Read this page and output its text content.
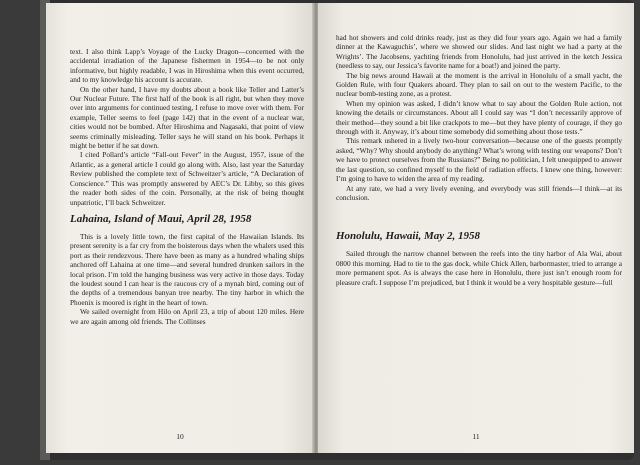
text. I also think Lapp’s Voyage of the Lucky Dragon—concerned with the accidental irradiation of the Japanese fishermen in 1954—to be not only informative, but highly readable, I was in Hiroshima when this event occurred, and to my knowledge his account is accurate.

On the other hand, I have my doubts about a book like Teller and Latter’s Our Nuclear Future. The first half of the book is all right, but when they move over into arguments for continued testing, I refuse to move over with them. For example, Teller seems to feel (page 142) that in the event of a nuclear war, cities would not be bombed. After Hiroshima and Nagasaki, that point of view seems criminally misleading. Teller says he will stand on his book. Perhaps it might be better if he sat down.

I cited Pollard’s article “Fall-out Fever” in the August, 1957, issue of the Atlantic, as a general article I could go along with. Also, last year the Saturday Review published the complete text of Schweitzer’s article, “A Declaration of Conscience.” This was promptly answered by AEC’s Dr. Libby, so this gives the reader both sides of the coin. Personally, at the risk of being thought unpatriotic, I’ll back Schweitzer.

Lahaina, Island of Maui, April 28, 1958

This is a lovely little town, the first capital of the Hawaiian Islands. Its present serenity is a far cry from the boisterous days when the whalers used this port as their rendezvous. There have been as many as a hundred whaling ships anchored off Lahaina at one time—and several hundred drunken sailors in the local prison. I’m told the hanging business was very active in those days. Today the loudest sound I can hear is the raucous cry of a mynah bird, coming out of the depths of a tremendous banyan tree nearby. The tiny harbor in which the Phoenix is moored is right in the heart of town.

We sailed overnight from Hilo on April 23, a trip of about 120 miles. Here we are again among old friends. The Collinses

10

had hot showers and cold drinks ready, just as they did four years ago. Again we had a family dinner at the Kawaguchis’, where we showed our slides. And last night we had a party at the Wrights’. The Jacobsens, yachting friends from Honolulu, had just arrived in the ketch Jessica (needless to say, our Jessica’s favorite name for a boat!) and joined the party.

The big news around Hawaii at the moment is the arrival in Honolulu of a small yacht, the Golden Rule, with four Quakers aboard. They plan to sail on out to the western Pacific, to the nuclear bomb-testing zone, as a protest.

When my opinion was asked, I didn’t know what to say about the Golden Rule action, not knowing the details or circumstances. About all I could say was “I don’t necessarily approve of their method—they sound a bit like crackpots to me—but they have plenty of courage, if they go through with it. Anyway, it’s about time somebody did something about those tests.”

This remark ushered in a lively two-hour conversation—because one of the guests promptly asked, “Why? Why should anybody do anything? What’s wrong with testing our weapons? Don’t we have to protect ourselves from the Russians?” Being no politician, I felt unequipped to answer the last question, so confined myself to the field of radiation effects. I knew one thing, however: I’m going to have to widen the area of my reading.

At any rate, we had a very lively evening, and everybody was still friends—I think—at its conclusion.

Honolulu, Hawaii, May 2, 1958

Sailed through the narrow channel between the reefs into the tiny harbor of Ala Wai, about 0800 this morning. Had to tie to the gas dock, while Chick Allen, harbormaster, tried to arrange a more permanent spot. As is always the case here in Honolulu, there just isn’t enough room for pleasure craft. I suppose I’m prejudiced, but I think it would be a very hospitable gesture—full

11
